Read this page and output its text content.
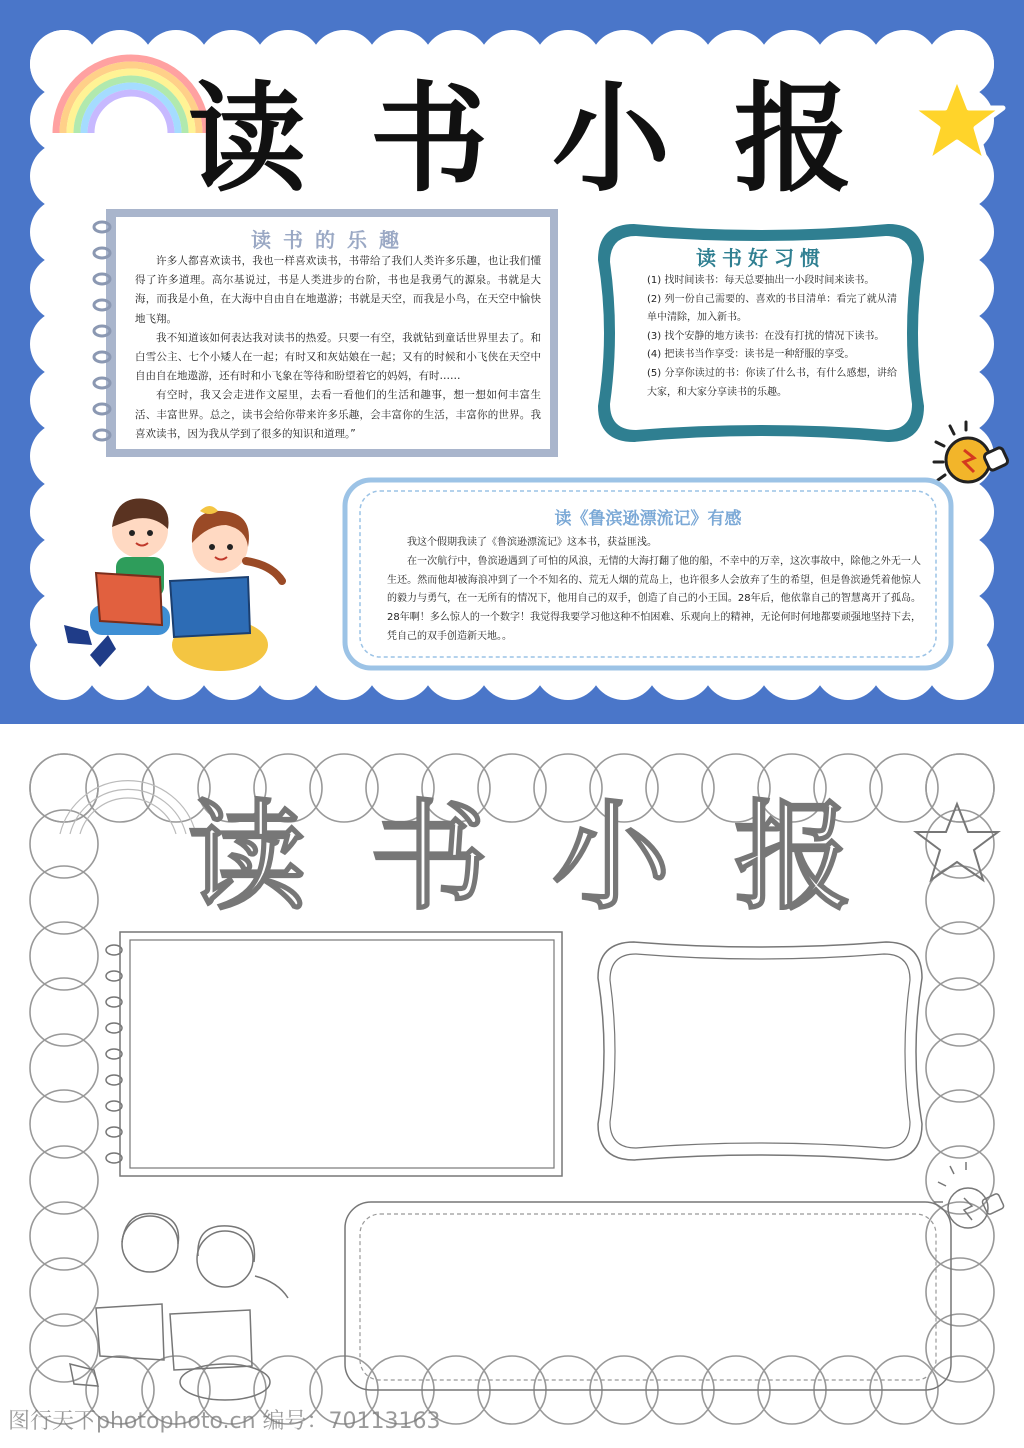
读书小报
读书的乐趣

许多人都喜欢读书，我也一样喜欢读书，书带给了我们人类许多乐趣，也让我们懂得了许多道理。高尔基说过，书是人类进步的台阶，书也是我勇气的源泉。书就是大海，而我是小鱼，在大海中自由自在地遨游；书就是天空，而我是小鸟，在天空中愉快地飞翔。

我不知道该如何表达我对读书的热爱。只要一有空，我就钻到童话世界里去了。和白雪公主、七个小矮人在一起；有时又和灰姑娘在一起；又有的时候和小飞侠在天空中自由自在地遨游，还有时和小飞象在等待和盼望着它的妈妈，有时……

有空时，我又会走进作文屋里，去看一看他们的生活和趣事，想一想如何丰富生活、丰富世界。总之，读书会给你带来许多乐趣，会丰富你的生活，丰富你的世界。我喜欢读书，因为我从学到了很多的知识和道理。”

读书好习惯

(1) 找时间读书：每天总要抽出一小段时间来读书。

(2) 列一份自己需要的、喜欢的书目清单：看完了就从清单中清除，加入新书。

(3) 找个安静的地方读书：在没有打扰的情况下读书。

(4) 把读书当作享受：读书是一种舒服的享受。

(5) 分享你读过的书：你读了什么书，有什么感想，讲给大家，和大家分享读书的乐趣。

读《鲁滨逊漂流记》有感

我这个假期我读了《鲁滨逊漂流记》这本书，获益匪浅。

在一次航行中，鲁滨逊遇到了可怕的风浪，无情的大海打翻了他的船，不幸中的万幸，这次事故中，除他之外无一人生还。然而他却被海浪冲到了一个不知名的、荒无人烟的荒岛上，也许很多人会放弃了生的希望，但是鲁滨逊凭着他惊人的毅力与勇气，在一无所有的情况下，他用自己的双手，创造了自己的小王国。28年后，他依靠自己的智慧离开了孤岛。28年啊！多么惊人的一个数字！我觉得我要学习他这种不怕困难、乐观向上的精神，无论何时何地都要顽强地坚持下去，凭自己的双手创造新天地。。

读书小报
图行天下photophoto.cn 编号：70113163
